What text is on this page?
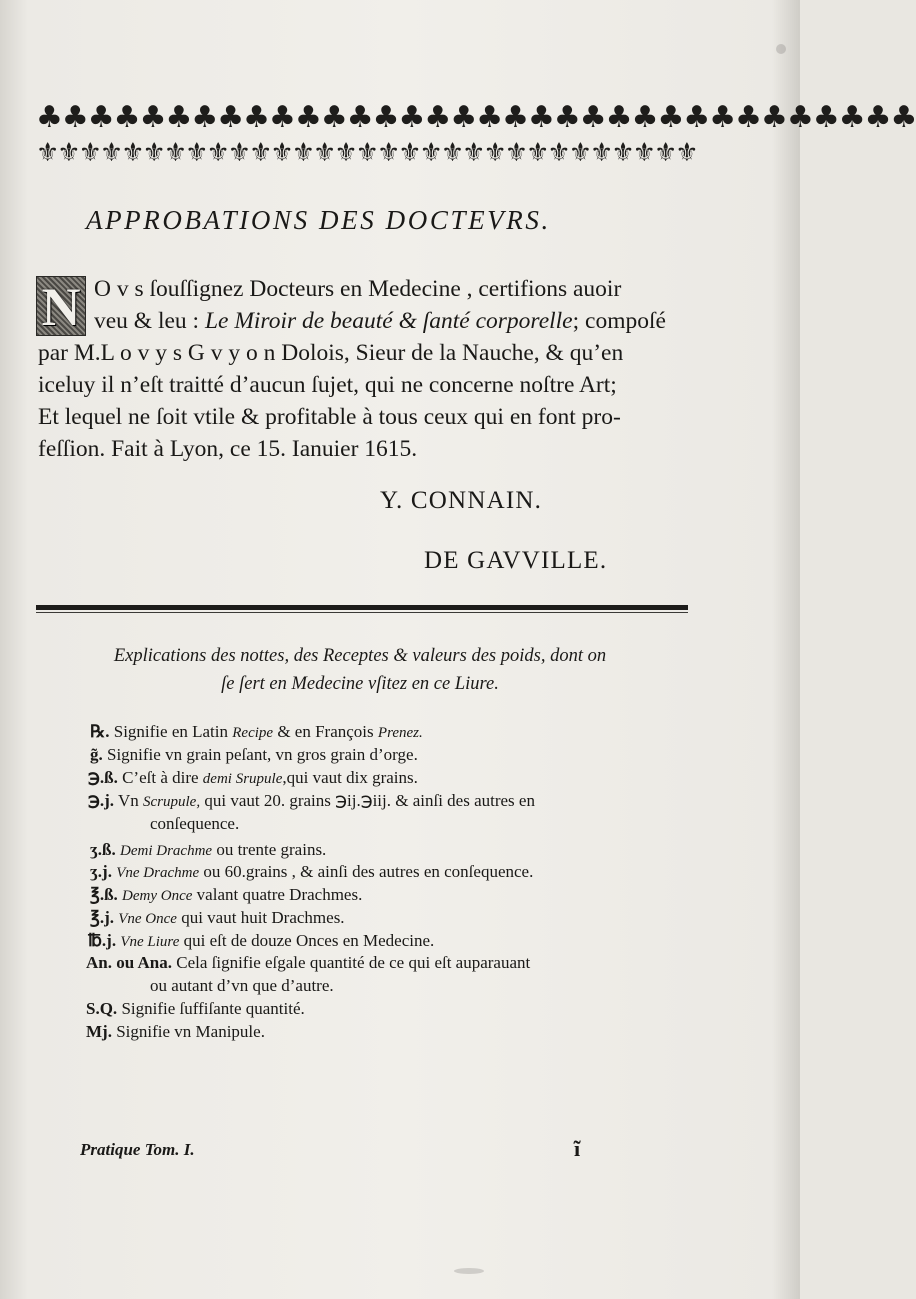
♣♣♣♣♣♣♣♣♣♣♣♣♣♣♣♣♣♣♣♣♣♣♣♣♣♣♣♣♣♣♣♣♣♣
⚜⚜⚜⚜⚜⚜⚜⚜⚜⚜⚜⚜⚜⚜⚜⚜⚜⚜⚜⚜⚜⚜⚜⚜⚜⚜⚜⚜⚜⚜⚜
APPROBATIONS DES DOCTEVRS.
N O v s ſouſſignez Docteurs en Medecine , certifions auoir
veu & leu : Le Miroir de beauté & ſanté corporelle; compoſé
par M.L o v y s G v y o n Dolois, Sieur de la Nauche, & qu’en
iceluy il n’eſt traitté d’aucun ſujet, qui ne concerne noſtre Art;
Et lequel ne ſoit vtile & profitable à tous ceux qui en font pro-
feſſion. Fait à Lyon, ce 15. Ianuier 1615.
Y. CONNAIN.
DE GAVVILLE.
Explications des nottes, des Receptes & valeurs des poids, dont on
ſe ſert en Medecine vſitez en ce Liure.
℞. Signifie en Latin Recipe & en François Prenez.
g̃. Signifie vn grain peſant, vn gros grain d’orge.
℈.ß. C’eſt à dire demi Srupule,qui vaut dix grains.
℈.j. Vn Scrupule, qui vaut 20. grains ℈ij.℈iij. & ainſi des autres en
conſequence.
ʒ.ß. Demi Drachme ou trente grains.
ʒ.j. Vne Drachme ou 60.grains , & ainſi des autres en conſequence.
℥.ß. Demy Once valant quatre Drachmes.
℥.j. Vne Once qui vaut huit Drachmes.
℔.j. Vne Liure qui eſt de douze Onces en Medecine.
An. ou Ana. Cela ſignifie eſgale quantité de ce qui eſt auparauant
ou autant d’vn que d’autre.
S.Q. Signifie ſuffiſante quantité.
Mj. Signifie vn Manipule.
Pratique Tom. I.	ĩ
